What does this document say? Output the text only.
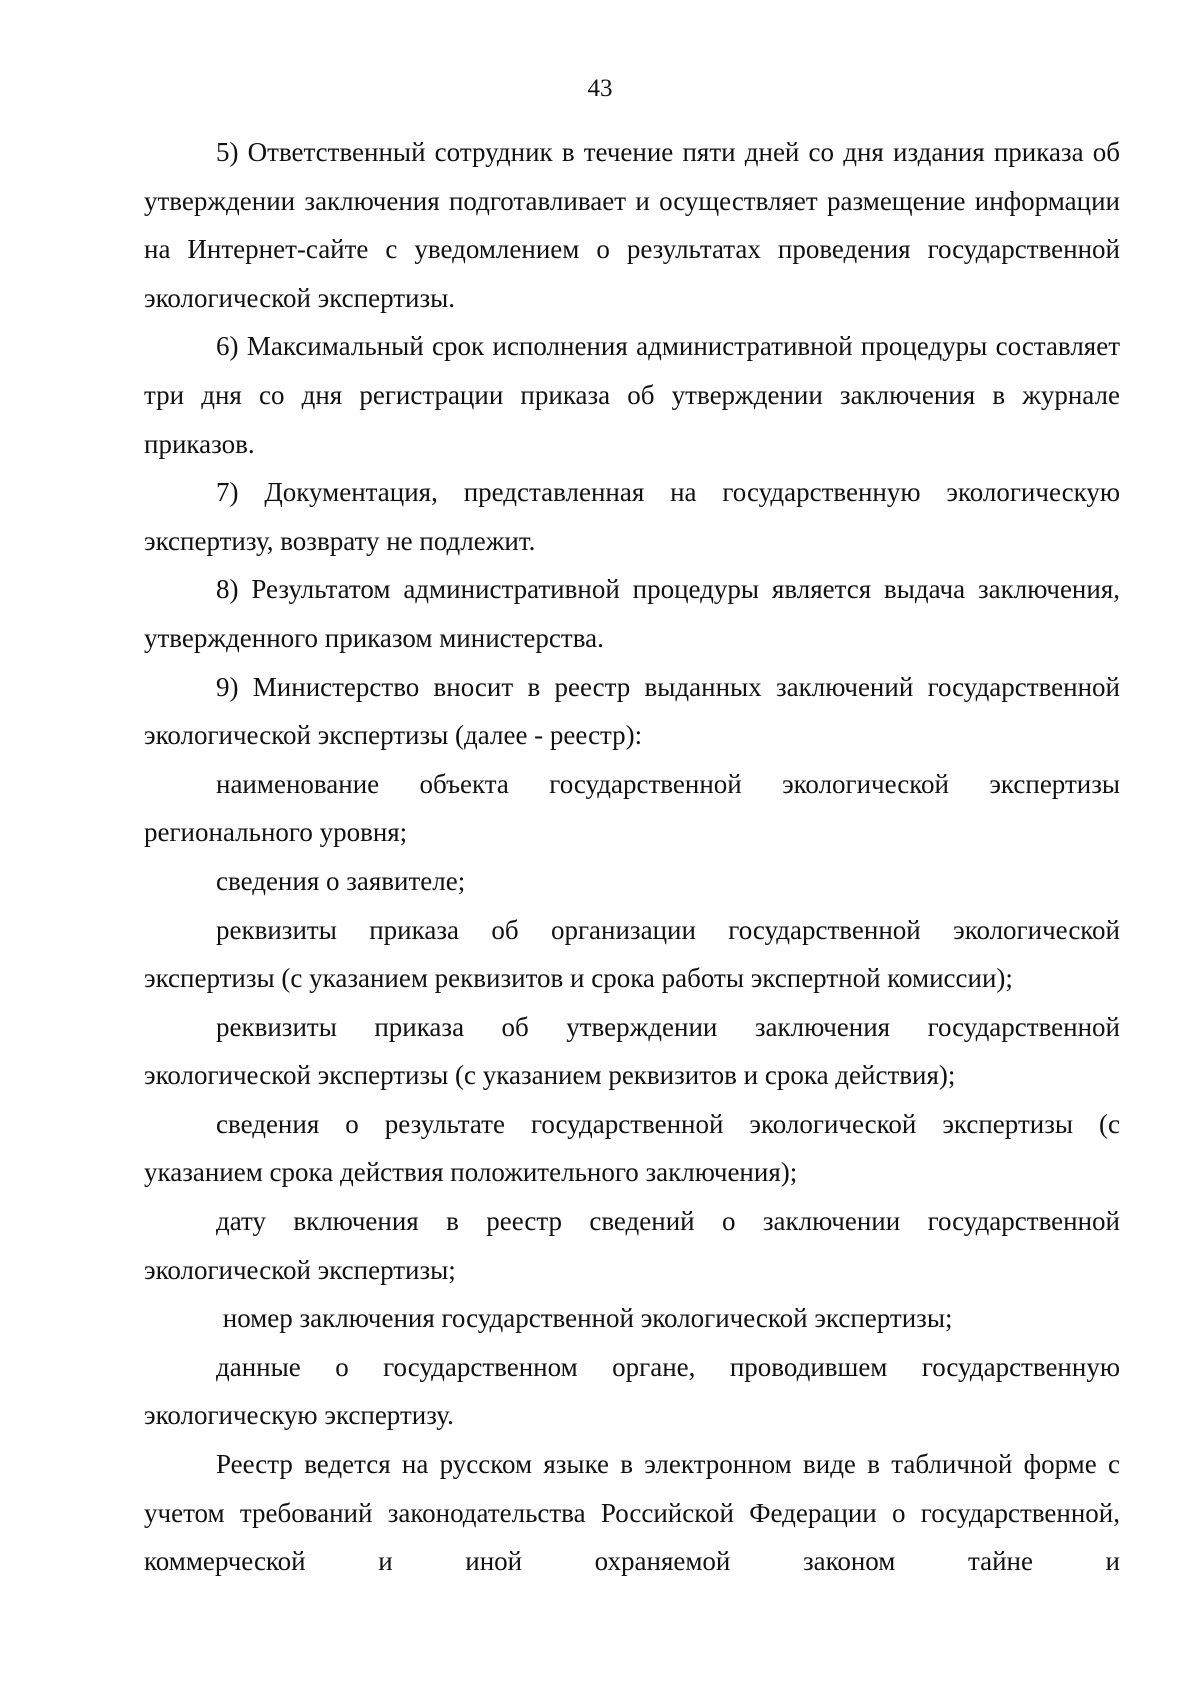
43

5) Ответственный сотрудник в течение пяти дней со дня издания приказа об утверждении заключения подготавливает и осуществляет размещение информации на Интернет-сайте с уведомлением о результатах проведения государственной экологической экспертизы.

6) Максимальный срок исполнения административной процедуры составляет три дня со дня регистрации приказа об утверждении заключения в журнале приказов.

7) Документация, представленная на государственную экологическую экспертизу, возврату не подлежит.

8) Результатом административной процедуры является выдача заключения, утвержденного приказом министерства.

9) Министерство вносит в реестр выданных заключений государственной экологической экспертизы (далее - реестр):

наименование объекта государственной экологической экспертизы регионального уровня;

сведения о заявителе;

реквизиты приказа об организации государственной экологической экспертизы (с указанием реквизитов и срока работы экспертной комиссии);

реквизиты приказа об утверждении заключения государственной экологической экспертизы (с указанием реквизитов и срока действия);

сведения о результате государственной экологической экспертизы (с указанием срока действия положительного заключения);

дату включения в реестр сведений о заключении государственной экологической экспертизы;

номер заключения государственной экологической экспертизы;

данные о государственном органе, проводившем государственную экологическую экспертизу.

Реестр ведется на русском языке в электронном виде в табличной форме с учетом требований законодательства Российской Федерации о государственной, коммерческой и иной охраняемой законом тайне и
